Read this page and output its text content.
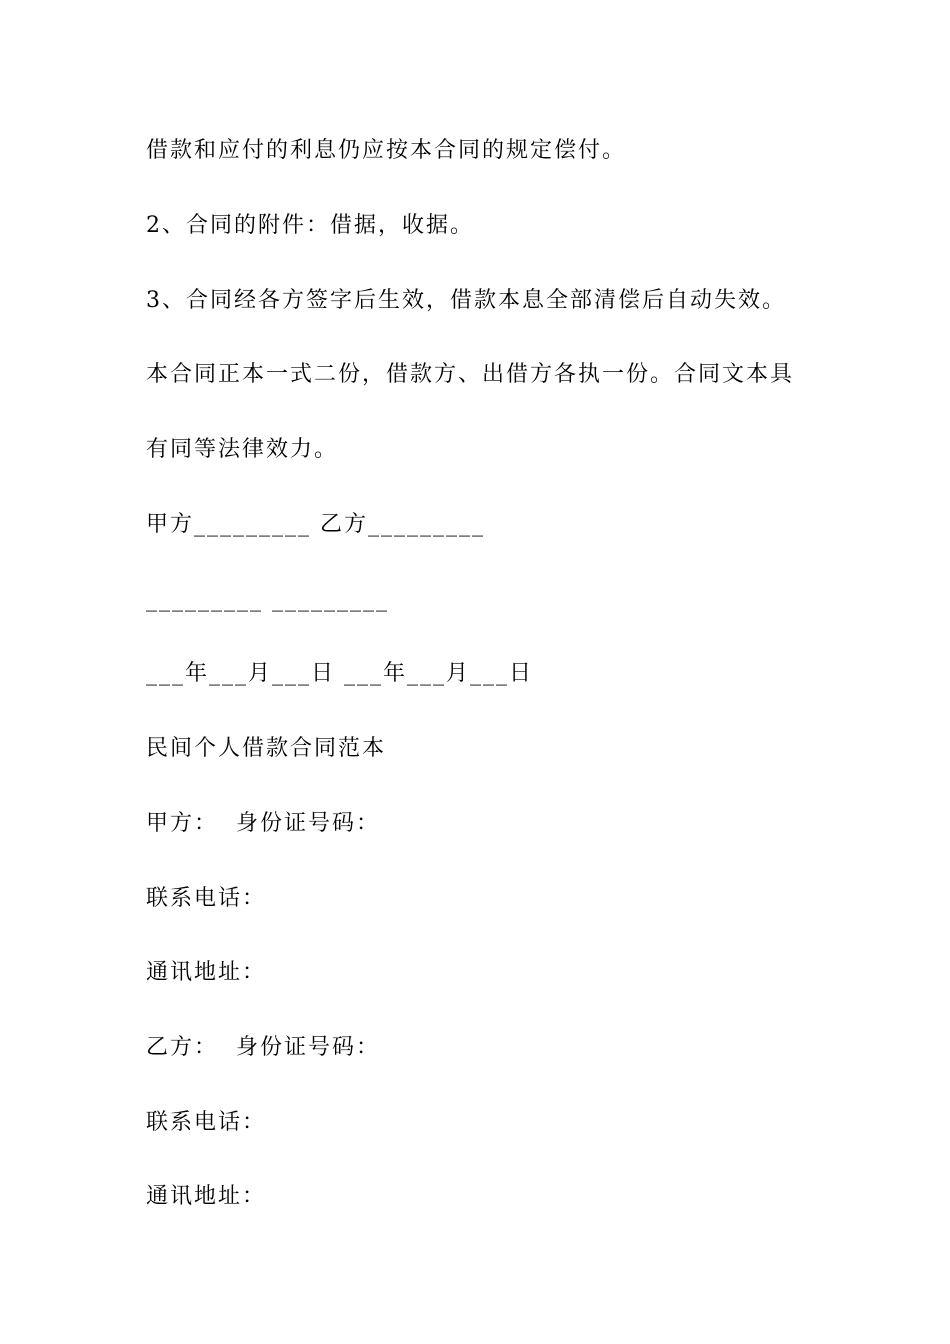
借款和应付的利息仍应按本合同的规定偿付。
2、合同的附件：借据，收据。
3、合同经各方签字后生效，借款本息全部清偿后自动失效。
本合同正本一式二份，借款方、出借方各执一份。合同文本具
有同等法律效力。
甲方_________ 乙方_________
_________ _________
___年___月___日 ___年___月___日
民间个人借款合同范本
甲方：  身份证号码：
联系电话：
通讯地址：
乙方：  身份证号码：
联系电话：
通讯地址：
